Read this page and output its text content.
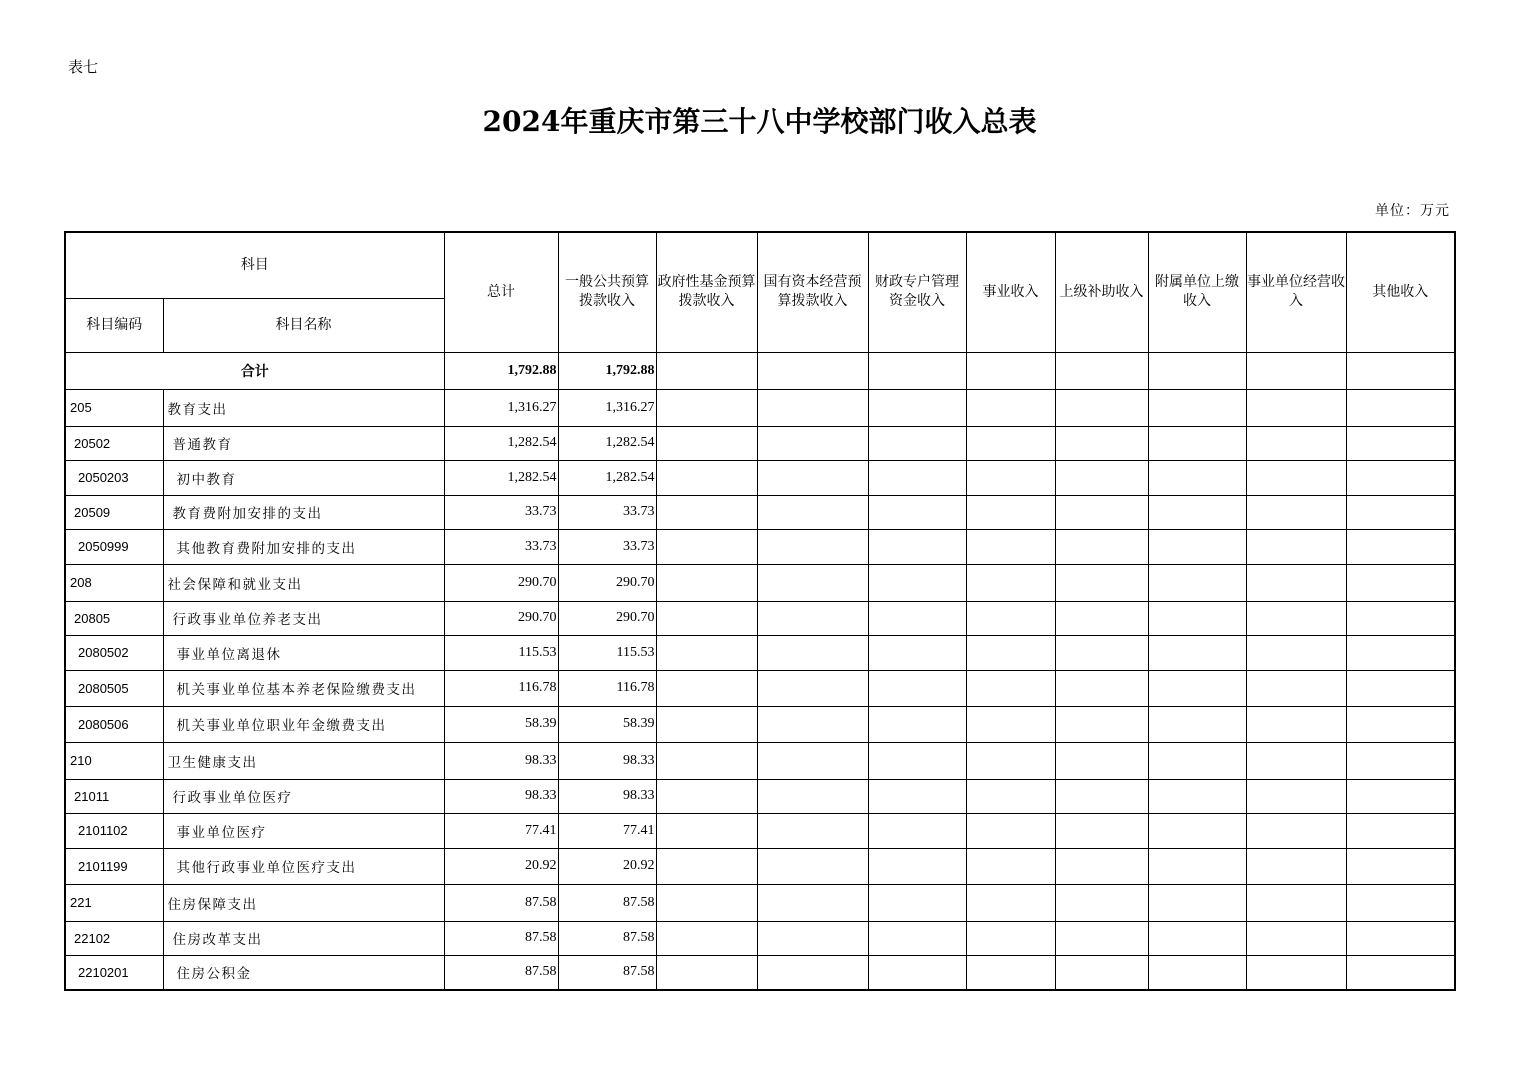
表七
2024年重庆市第三十八中学校部门收入总表
单位：万元
科目		总计	一般公共预算拨款收入	政府性基金预算拨款收入	国有资本经营预算拨款收入	财政专户管理资金收入	事业收入	上级补助收入	附属单位上缴收入	事业单位经营收入	其他收入
科目编码	科目名称										
合计		1,792.88	1,792.88								
205	教育支出	1,316.27	1,316.27								
20502	普通教育	1,282.54	1,282.54								
2050203	初中教育	1,282.54	1,282.54								
20509	教育费附加安排的支出	33.73	33.73								
2050999	其他教育费附加安排的支出	33.73	33.73								
208	社会保障和就业支出	290.70	290.70								
20805	行政事业单位养老支出	290.70	290.70								
2080502	事业单位离退休	115.53	115.53								
2080505	机关事业单位基本养老保险缴费支出	116.78	116.78								
2080506	机关事业单位职业年金缴费支出	58.39	58.39								
210	卫生健康支出	98.33	98.33								
21011	行政事业单位医疗	98.33	98.33								
2101102	事业单位医疗	77.41	77.41								
2101199	其他行政事业单位医疗支出	20.92	20.92								
221	住房保障支出	87.58	87.58								
22102	住房改革支出	87.58	87.58								
2210201	住房公积金	87.58	87.58								
